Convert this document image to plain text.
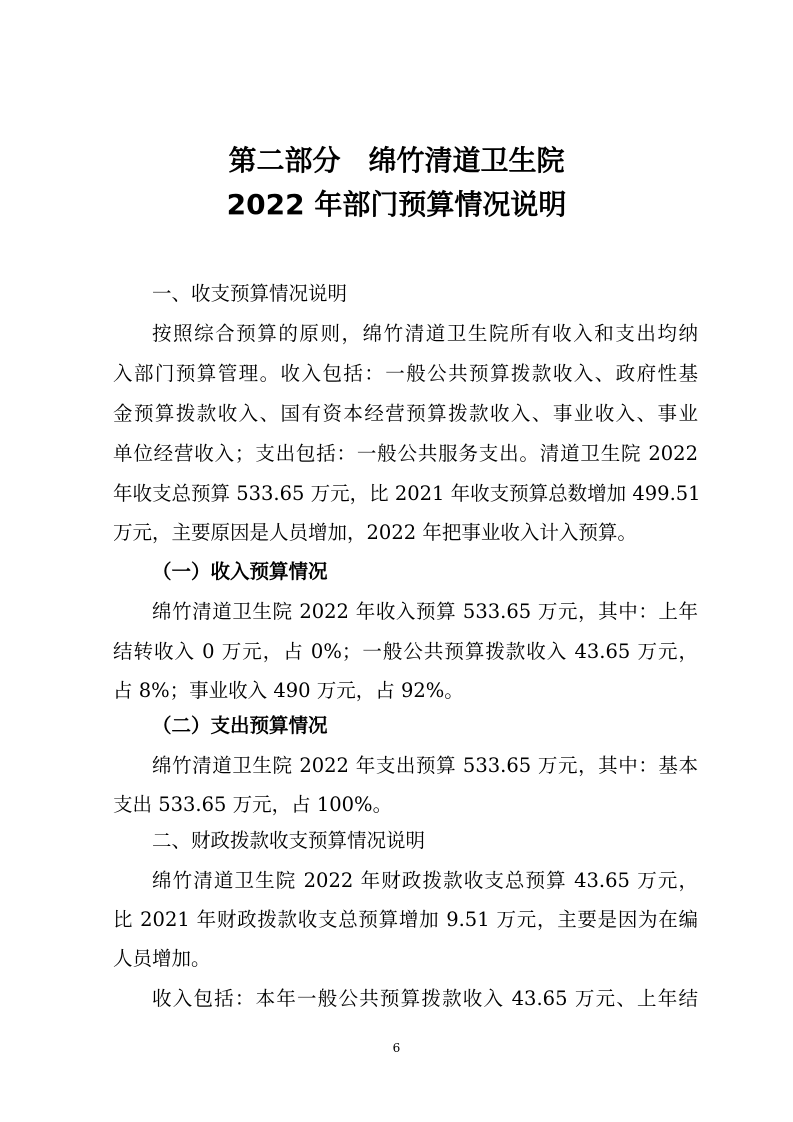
第二部分　绵竹清道卫生院
2022 年部门预算情况说明
一、收支预算情况说明
按照综合预算的原则，绵竹清道卫生院所有收入和支出均纳
入部门预算管理。收入包括：一般公共预算拨款收入、政府性基
金预算拨款收入、国有资本经营预算拨款收入、事业收入、事业
单位经营收入；支出包括：一般公共服务支出。清道卫生院 2022
年收支总预算 533.65 万元，比 2021 年收支预算总数增加 499.51
万元，主要原因是人员增加，2022 年把事业收入计入预算。
（一）收入预算情况
绵竹清道卫生院 2022 年收入预算 533.65 万元，其中：上年
结转收入 0 万元，占 0%；一般公共预算拨款收入 43.65 万元，
占 8%；事业收入 490 万元，占 92%。
（二）支出预算情况
绵竹清道卫生院 2022 年支出预算 533.65 万元，其中：基本
支出 533.65 万元，占 100%。
二、财政拨款收支预算情况说明
绵竹清道卫生院 2022 年财政拨款收支总预算 43.65 万元，
比 2021 年财政拨款收支总预算增加 9.51 万元，主要是因为在编
人员增加。
收入包括：本年一般公共预算拨款收入 43.65 万元、上年结
6
